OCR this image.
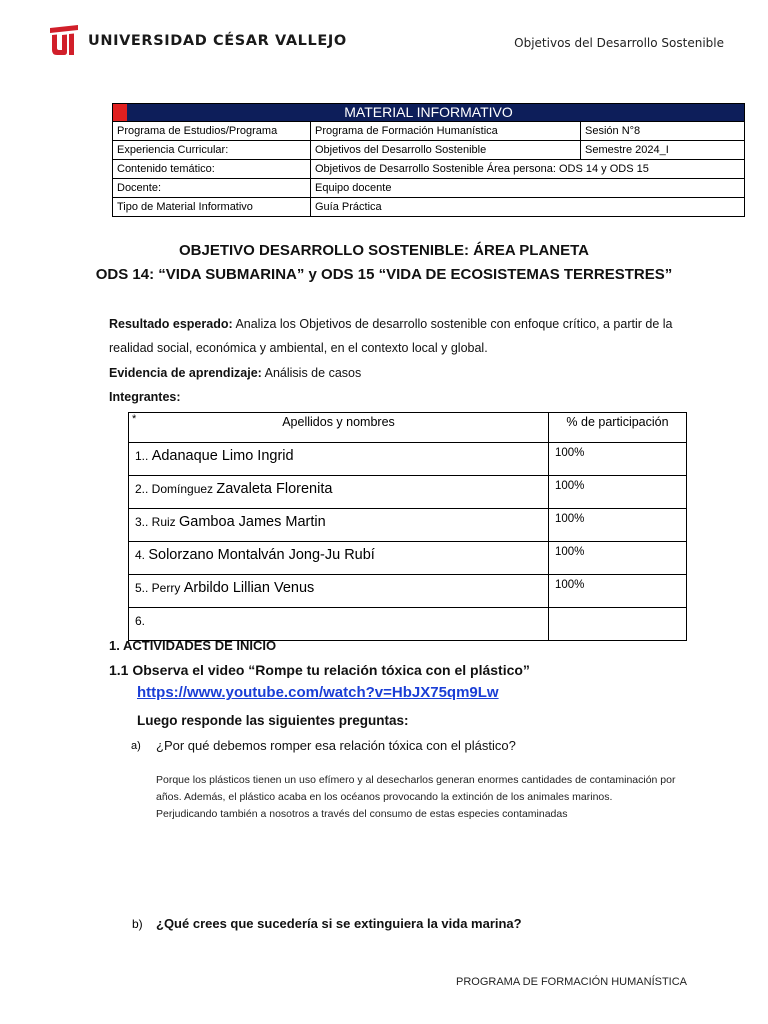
UNIVERSIDAD CÉSAR VALLEJO	Objetivos del Desarrollo Sostenible
MATERIAL INFORMATIVO		
Programa de Estudios/Programa	Programa de Formación Humanística	Sesión N°8
Experiencia Curricular:	Objetivos del Desarrollo Sostenible	Semestre 2024_I
Contenido temático:	Objetivos de Desarrollo Sostenible Área persona: ODS 14 y ODS 15	
Docente:	Equipo docente	
Tipo de Material Informativo	Guía Práctica	
OBJETIVO DESARROLLO SOSTENIBLE: ÁREA PLANETA
ODS 14: “VIDA SUBMARINA” y ODS 15 “VIDA DE ECOSISTEMAS TERRESTRES”
Resultado esperado: Analiza los Objetivos de desarrollo sostenible con enfoque crítico, a partir de la realidad social, económica y ambiental, en el contexto local y global.
Evidencia de aprendizaje: Análisis de casos
Integrantes:
* Apellidos y nombres	% de participación
1.. Adanaque Limo Ingrid	100%
2.. Domínguez Zavaleta Florenita	100%
3.. Ruiz Gamboa James Martin	100%
4. Solorzano Montalván Jong-Ju Rubí	100%
5.. Perry Arbildo Lillian Venus	100%
6.	
1. ACTIVIDADES DE INICIO
1.1 Observa el video “Rompe tu relación tóxica con el plástico”
https://www.youtube.com/watch?v=HbJX75qm9Lw
Luego responde las siguientes preguntas:
a) ¿Por qué debemos romper esa relación tóxica con el plástico?
Porque los plásticos tienen un uso efímero y al desecharlos generan enormes cantidades de contaminación por años. Además, el plástico acaba en los océanos provocando la extinción de los animales marinos. Perjudicando también a nosotros a través del consumo de estas especies contaminadas
b) ¿Qué crees que sucedería si se extinguiera la vida marina?
PROGRAMA DE FORMACIÓN HUMANÍSTICA
